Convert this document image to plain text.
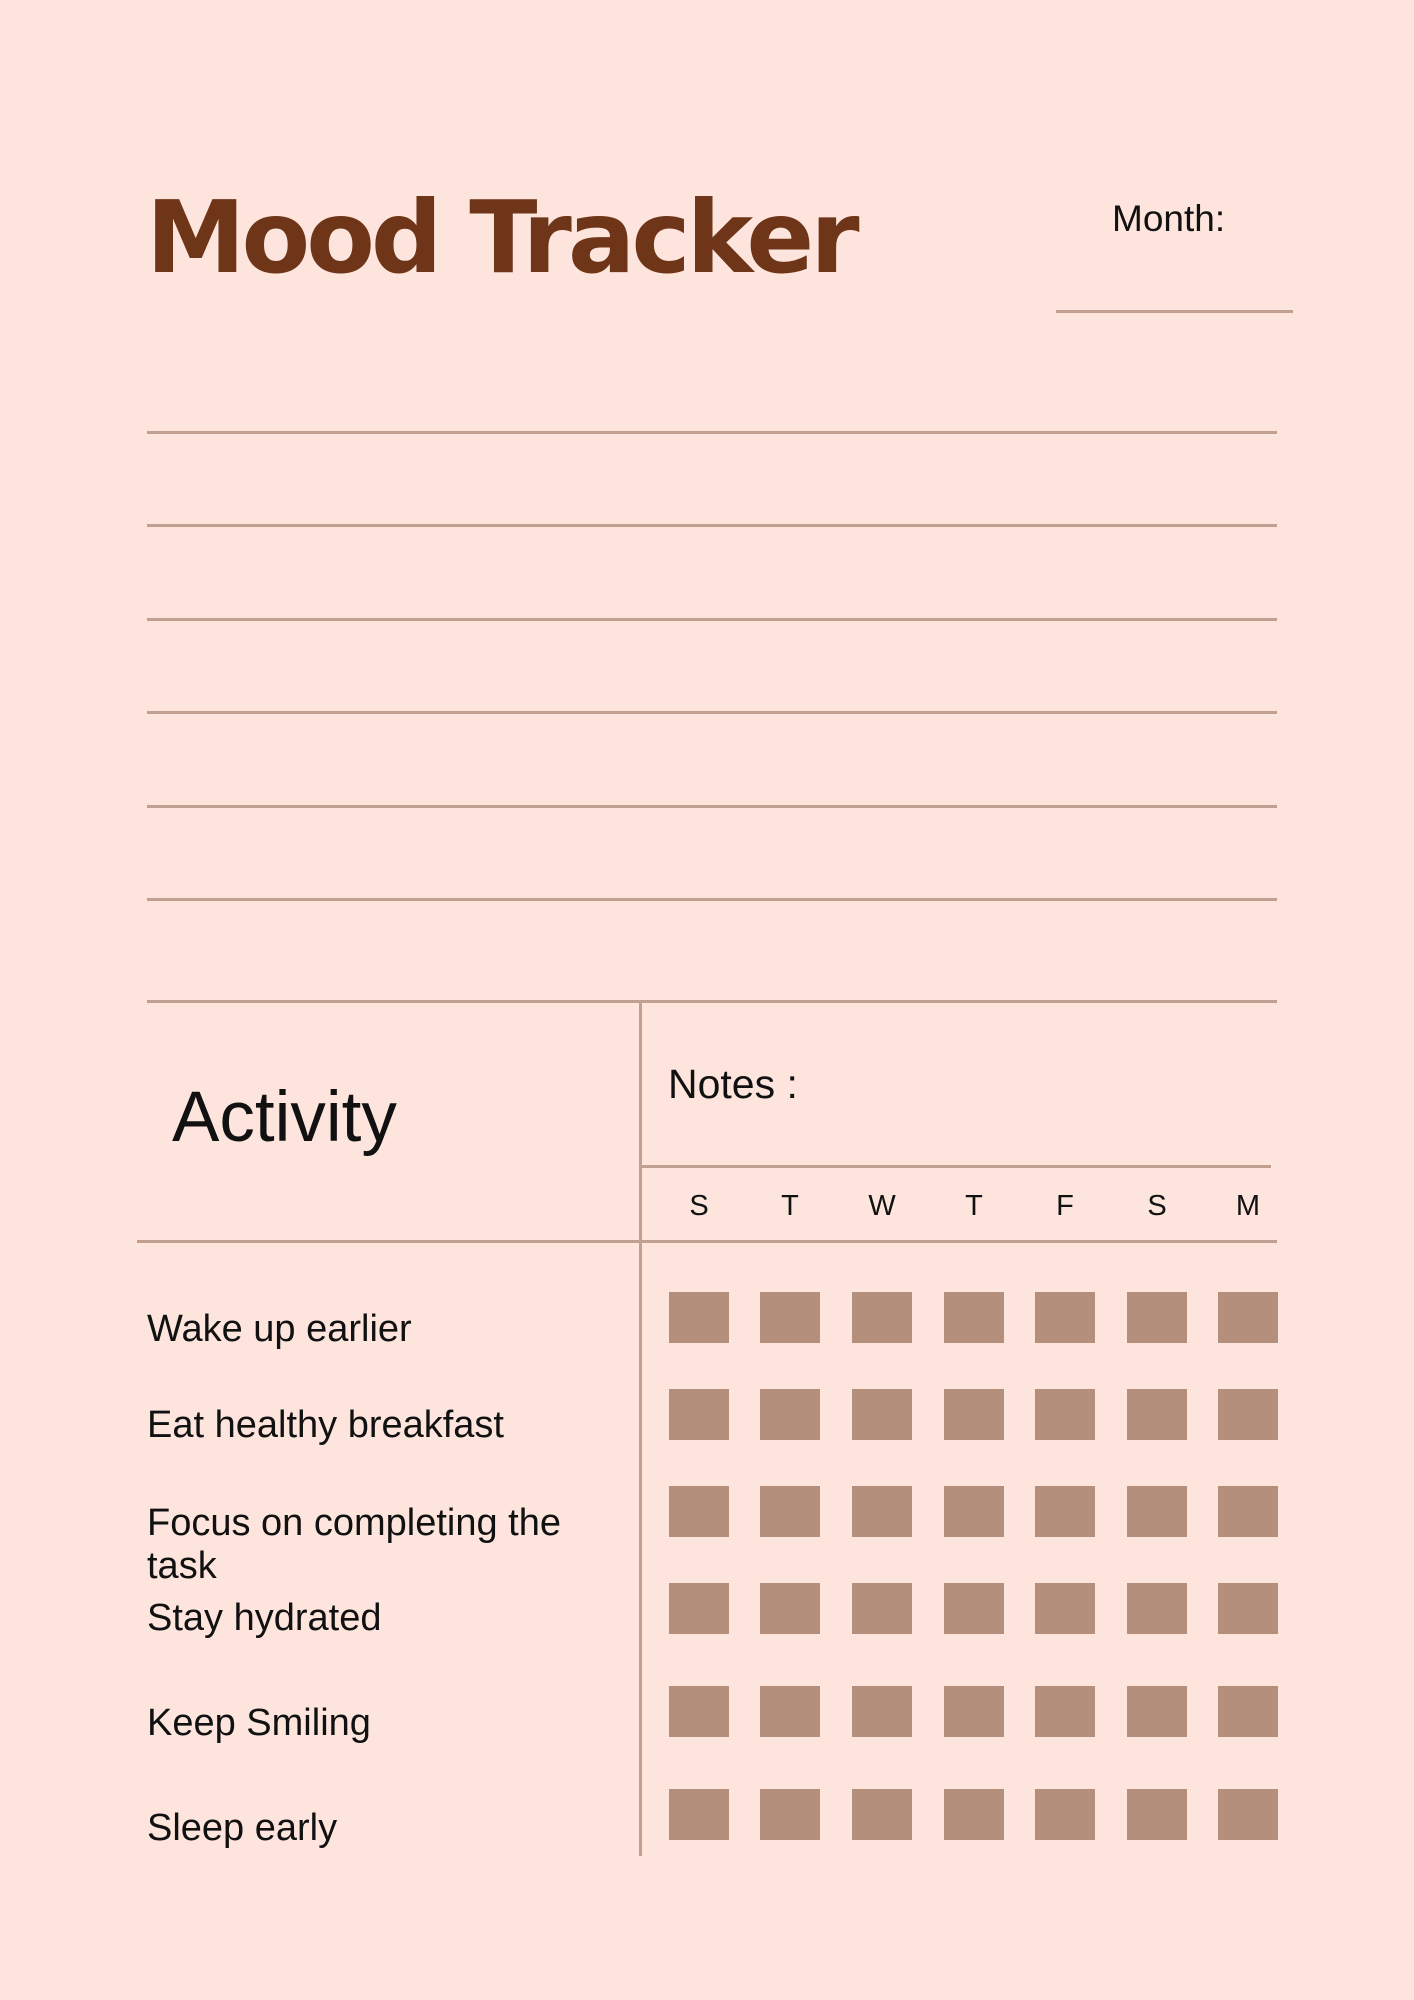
Mood Tracker	Month:
Activity	Notes :
S	T	W	T	F	S	M
Wake up earlier
Eat healthy breakfast
Focus on completing the task
Stay hydrated
Keep Smiling
Sleep early
